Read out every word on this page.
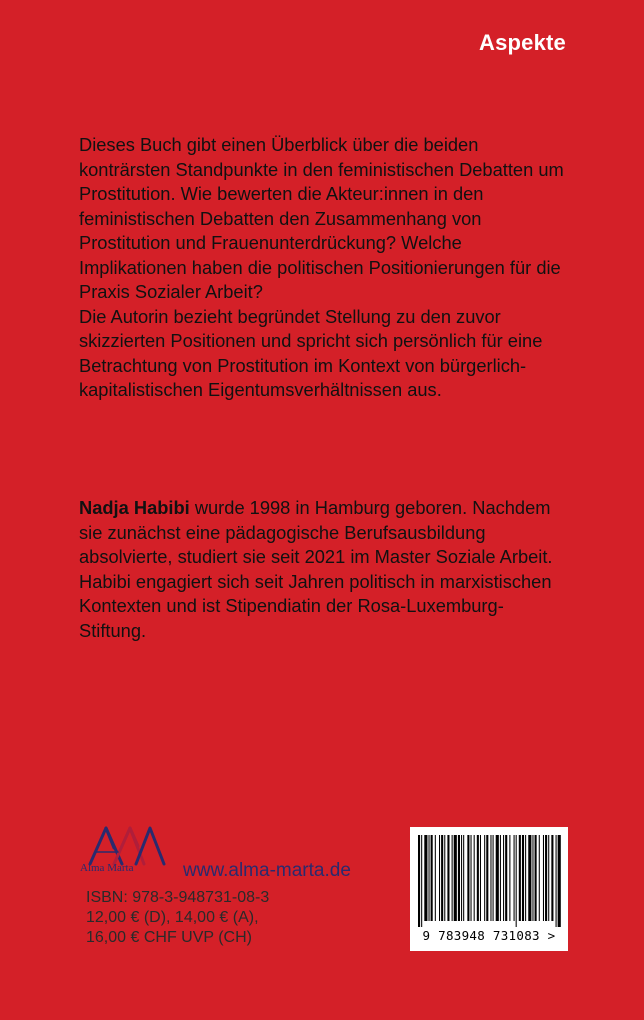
Aspekte

Dieses Buch gibt einen Überblick über die beiden konträrsten Standpunkte in den feministischen Debatten um Prostitution. Wie bewerten die Akteur:innen in den feministischen Debatten den Zusammenhang von Prostitution und Frauenunterdrückung? Welche Implikationen haben die politischen Positionierungen für die Praxis Sozialer Arbeit?

Die Autorin bezieht begründet Stellung zu den zuvor skizzierten Positionen und spricht sich persönlich für eine Betrachtung von Prostitution im Kontext von bürgerlich-kapitalistischen Eigentumsverhältnissen aus.

Nadja Habibi wurde 1998 in Hamburg geboren. Nachdem sie zunächst eine pädagogische Berufsausbildung absolvierte, studiert sie seit 2021 im Master Soziale Arbeit. Habibi engagiert sich seit Jahren politisch in marxistischen Kontexten und ist Stipendiatin der Rosa-Luxemburg-Stiftung.
Alma Marta	www.alma-marta.de
ISBN: 978-3-948731-08-3
12,00 € (D), 14,00 € (A),
16,00 € CHF UVP (CH)	9 783948 731083 >
